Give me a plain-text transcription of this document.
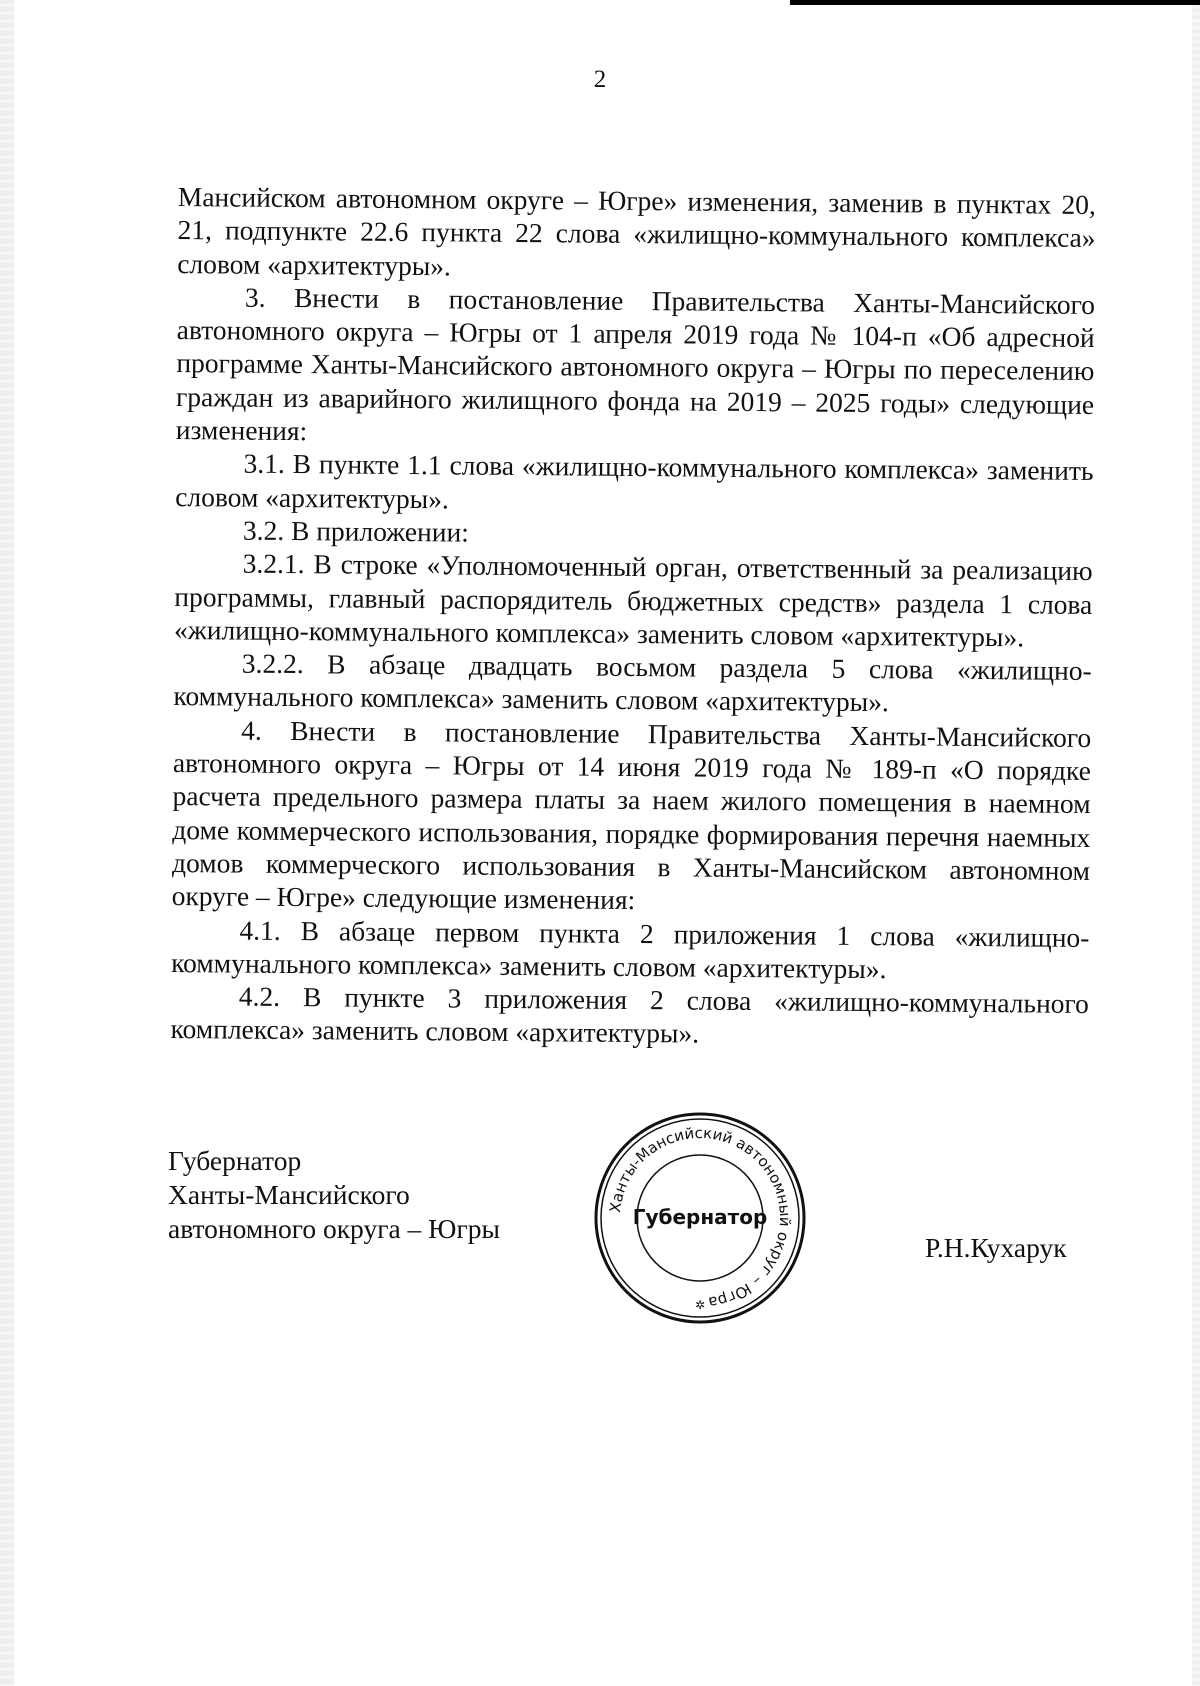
2

Мансийском автономном округе – Югре» изменения, заменив в пунктах 20, 21, подпункте 22.6 пункта 22 слова «жилищно-коммунального комплекса» словом «архитектуры».

3. Внести в постановление Правительства Ханты-Мансийского автономного округа – Югры от 1 апреля 2019 года № 104-п «Об адресной программе Ханты-Мансийского автономного округа – Югры по переселению граждан из аварийного жилищного фонда на 2019 – 2025 годы» следующие изменения:

3.1. В пункте 1.1 слова «жилищно-коммунального комплекса» заменить словом «архитектуры».

3.2. В приложении:

3.2.1. В строке «Уполномоченный орган, ответственный за реализацию программы, главный распорядитель бюджетных средств» раздела 1 слова «жилищно-коммунального комплекса» заменить словом «архитектуры».

3.2.2. В абзаце двадцать восьмом раздела 5 слова «жилищно-коммунального комплекса» заменить словом «архитектуры».

4. Внести в постановление Правительства Ханты-Мансийского автономного округа – Югры от 14 июня 2019 года № 189-п «О порядке расчета предельного размера платы за наем жилого помещения в наемном доме коммерческого использования, порядке формирования перечня наемных домов коммерческого использования в Ханты-Мансийском автономном округе – Югре» следующие изменения:

4.1. В абзаце первом пункта 2 приложения 1 слова «жилищно-коммунального комплекса» заменить словом «архитектуры».

4.2. В пункте 3 приложения 2 слова «жилищно-коммунального комплекса» заменить словом «архитектуры».

Губернатор
Ханты-Мансийского
автономного округа – Югры
Ханты-Мансийский автономный округ – Югра
Губернатор
✲
Р.Н.Кухарук
